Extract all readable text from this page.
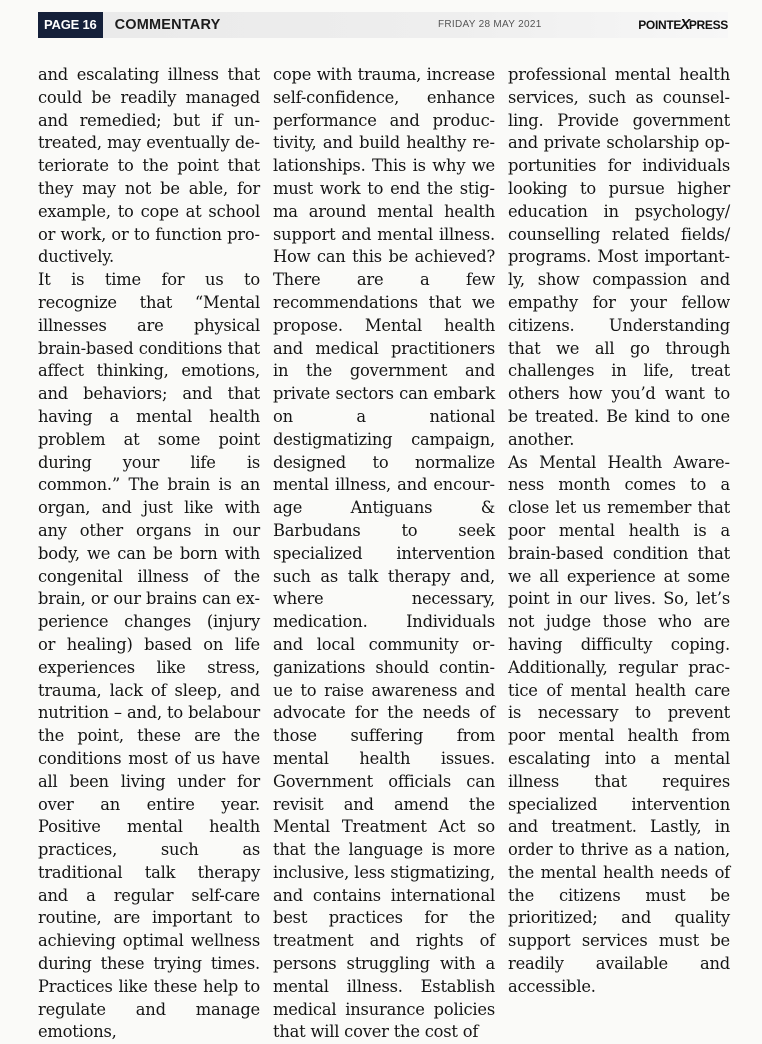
PAGE 16	COMMENTARY	FRIDAY 28 MAY 2021	POINTEXPRESS

and escalating illness that could be readily managed and remedied; but if untreated, may eventually deteriorate to the point that they may not be able, for example, to cope at school or work, or to function productively.

It is time for us to recognize that “Mental illnesses are physical brain-based conditions that affect thinking, emotions, and behaviors; and that having a mental health problem at some point during your life is common.” The brain is an organ, and just like with any other organs in our body, we can be born with congenital illness of the brain, or our brains can experience changes (injury or healing) based on life experiences like stress, trauma, lack of sleep, and nutrition – and, to belabour the point, these are the conditions most of us have all been living under for over an entire year. Positive mental health practices, such as traditional talk therapy and a regular self-care routine, are important to achieving optimal wellness during these trying times. Practices like these help to regulate and manage emotions,

cope with trauma, increase self-confidence, enhance performance and productivity, and build healthy relationships. This is why we must work to end the stigma around mental health support and mental illness. How can this be achieved? There are a few recommendations that we propose. Mental health and medical practitioners in the government and private sectors can embark on a national destigmatizing campaign, designed to normalize mental illness, and encourage Antiguans & Barbudans to seek specialized intervention such as talk therapy and, where necessary, medication. Individuals and local community organizations should continue to raise awareness and advocate for the needs of those suffering from mental health issues. Government officials can revisit and amend the Mental Treatment Act so that the language is more inclusive, less stigmatizing, and contains international best practices for the treatment and rights of persons struggling with a mental illness. Establish medical insurance policies that will cover the cost of

professional mental health services, such as counselling. Provide government and private scholarship opportunities for individuals looking to pursue higher education in psychology/ counselling related fields/ programs. Most importantly, show compassion and empathy for your fellow citizens. Understanding that we all go through challenges in life, treat others how you’d want to be treated. Be kind to one another.

As Mental Health Awareness month comes to a close let us remember that poor mental health is a brain-based condition that we all experience at some point in our lives. So, let’s not judge those who are having difficulty coping. Additionally, regular practice of mental health care is necessary to prevent poor mental health from escalating into a mental illness that requires specialized intervention and treatment. Lastly, in order to thrive as a nation, the mental health needs of the citizens must be prioritized; and quality support services must be readily available and accessible.
